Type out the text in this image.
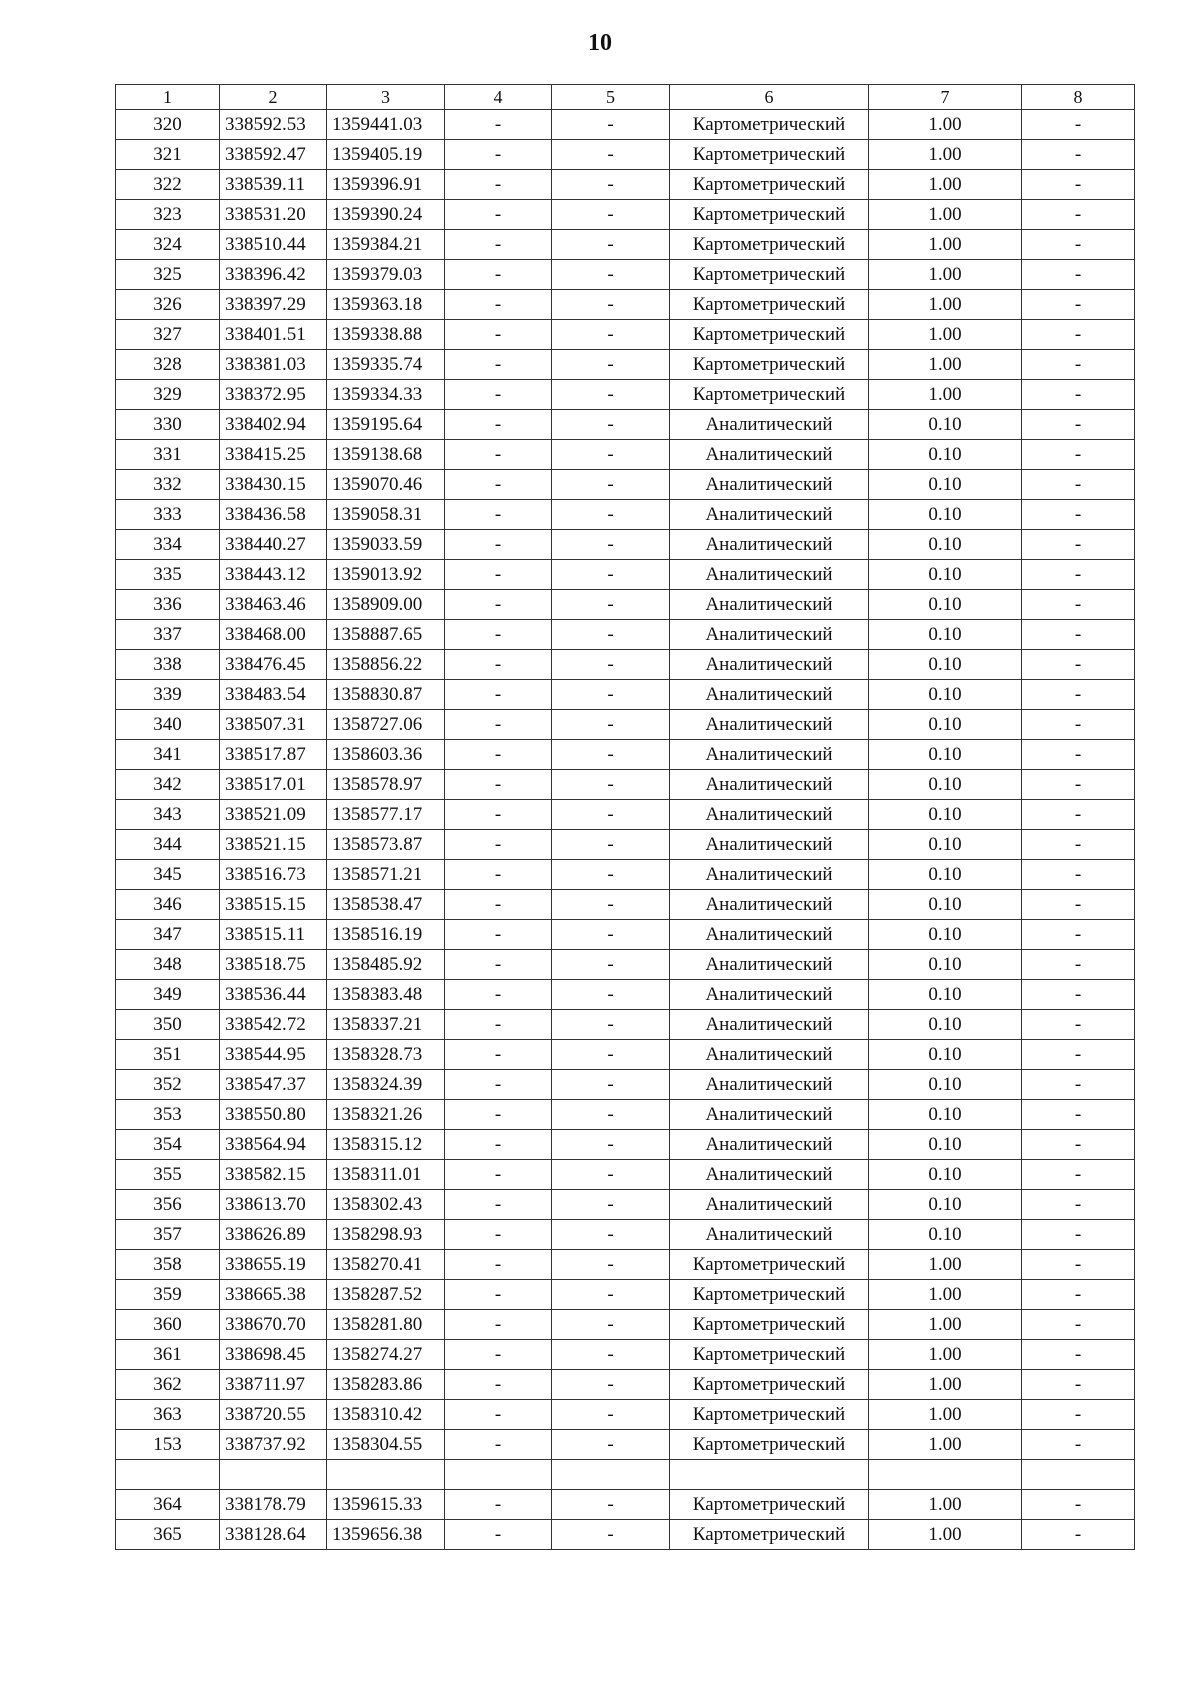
10
1	2	3	4	5	6	7	8
320	338592.53	1359441.03	-	-	Картометрический	1.00	-
321	338592.47	1359405.19	-	-	Картометрический	1.00	-
322	338539.11	1359396.91	-	-	Картометрический	1.00	-
323	338531.20	1359390.24	-	-	Картометрический	1.00	-
324	338510.44	1359384.21	-	-	Картометрический	1.00	-
325	338396.42	1359379.03	-	-	Картометрический	1.00	-
326	338397.29	1359363.18	-	-	Картометрический	1.00	-
327	338401.51	1359338.88	-	-	Картометрический	1.00	-
328	338381.03	1359335.74	-	-	Картометрический	1.00	-
329	338372.95	1359334.33	-	-	Картометрический	1.00	-
330	338402.94	1359195.64	-	-	Аналитический	0.10	-
331	338415.25	1359138.68	-	-	Аналитический	0.10	-
332	338430.15	1359070.46	-	-	Аналитический	0.10	-
333	338436.58	1359058.31	-	-	Аналитический	0.10	-
334	338440.27	1359033.59	-	-	Аналитический	0.10	-
335	338443.12	1359013.92	-	-	Аналитический	0.10	-
336	338463.46	1358909.00	-	-	Аналитический	0.10	-
337	338468.00	1358887.65	-	-	Аналитический	0.10	-
338	338476.45	1358856.22	-	-	Аналитический	0.10	-
339	338483.54	1358830.87	-	-	Аналитический	0.10	-
340	338507.31	1358727.06	-	-	Аналитический	0.10	-
341	338517.87	1358603.36	-	-	Аналитический	0.10	-
342	338517.01	1358578.97	-	-	Аналитический	0.10	-
343	338521.09	1358577.17	-	-	Аналитический	0.10	-
344	338521.15	1358573.87	-	-	Аналитический	0.10	-
345	338516.73	1358571.21	-	-	Аналитический	0.10	-
346	338515.15	1358538.47	-	-	Аналитический	0.10	-
347	338515.11	1358516.19	-	-	Аналитический	0.10	-
348	338518.75	1358485.92	-	-	Аналитический	0.10	-
349	338536.44	1358383.48	-	-	Аналитический	0.10	-
350	338542.72	1358337.21	-	-	Аналитический	0.10	-
351	338544.95	1358328.73	-	-	Аналитический	0.10	-
352	338547.37	1358324.39	-	-	Аналитический	0.10	-
353	338550.80	1358321.26	-	-	Аналитический	0.10	-
354	338564.94	1358315.12	-	-	Аналитический	0.10	-
355	338582.15	1358311.01	-	-	Аналитический	0.10	-
356	338613.70	1358302.43	-	-	Аналитический	0.10	-
357	338626.89	1358298.93	-	-	Аналитический	0.10	-
358	338655.19	1358270.41	-	-	Картометрический	1.00	-
359	338665.38	1358287.52	-	-	Картометрический	1.00	-
360	338670.70	1358281.80	-	-	Картометрический	1.00	-
361	338698.45	1358274.27	-	-	Картометрический	1.00	-
362	338711.97	1358283.86	-	-	Картометрический	1.00	-
363	338720.55	1358310.42	-	-	Картометрический	1.00	-
153	338737.92	1358304.55	-	-	Картометрический	1.00	-

364	338178.79	1359615.33	-	-	Картометрический	1.00	-
365	338128.64	1359656.38	-	-	Картометрический	1.00	-
